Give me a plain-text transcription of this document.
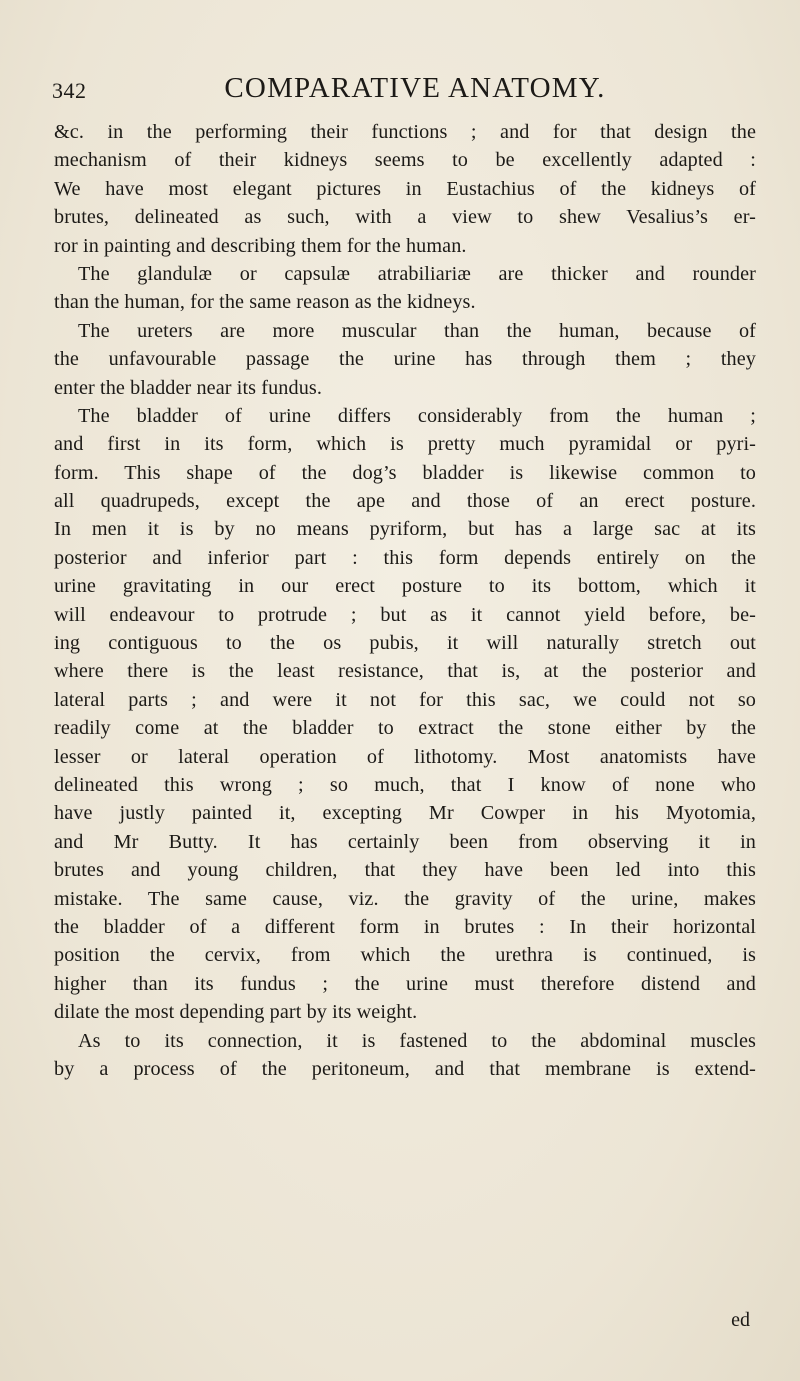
342	COMPARATIVE ANATOMY.
&c. in the performing their functions ; and for that design the
mechanism of their kidneys seems to be excellently adapted :
We have most elegant pictures in Eustachius of the kidneys of
brutes, delineated as such, with a view to shew Vesalius’s er-
ror in painting and describing them for the human.
The glandulæ or capsulæ atrabiliariæ are thicker and rounder
than the human, for the same reason as the kidneys.
The ureters are more muscular than the human, because of
the unfavourable passage the urine has through them ; they
enter the bladder near its fundus.
The bladder of urine differs considerably from the human ;
and first in its form, which is pretty much pyramidal or pyri-
form. This shape of the dog’s bladder is likewise common to
all quadrupeds, except the ape and those of an erect posture.
In men it is by no means pyriform, but has a large sac at its
posterior and inferior part : this form depends entirely on the
urine gravitating in our erect posture to its bottom, which it
will endeavour to protrude ; but as it cannot yield before, be-
ing contiguous to the os pubis, it will naturally stretch out
where there is the least resistance, that is, at the posterior and
lateral parts ; and were it not for this sac, we could not so
readily come at the bladder to extract the stone either by the
lesser or lateral operation of lithotomy. Most anatomists have
delineated this wrong ; so much, that I know of none who
have justly painted it, excepting Mr Cowper in his Myotomia,
and Mr Butty. It has certainly been from observing it in
brutes and young children, that they have been led into this
mistake. The same cause, viz. the gravity of the urine, makes
the bladder of a different form in brutes : In their horizontal
position the cervix, from which the urethra is continued, is
higher than its fundus ; the urine must therefore distend and
dilate the most depending part by its weight.
As to its connection, it is fastened to the abdominal muscles
by a process of the peritoneum, and that membrane is extend-
ed
